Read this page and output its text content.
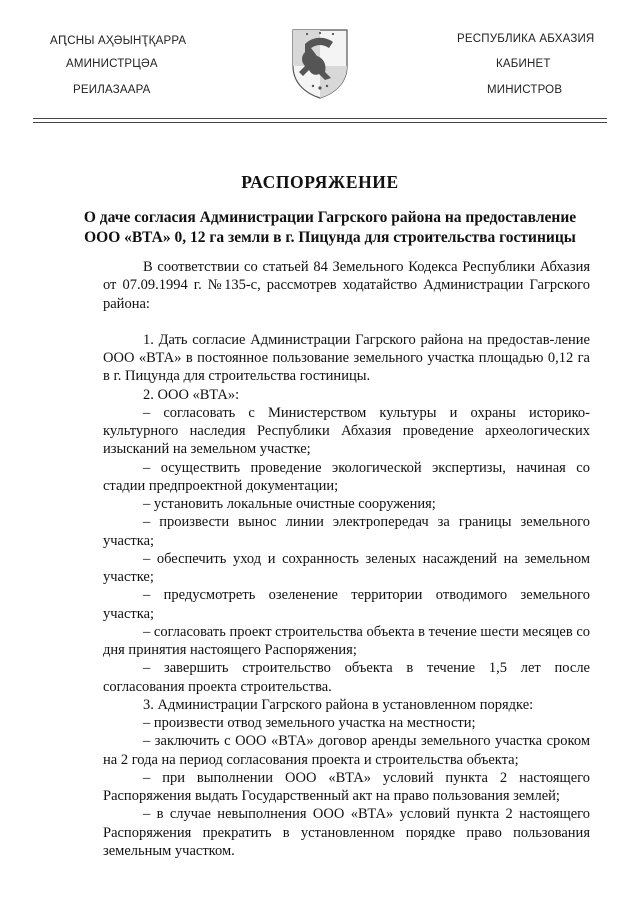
АԤСНЫ АҲӘЫНҬҚАРРА
АМИНИСТРЦӘА
РЕИЛАЗААРА
РЕСПУБЛИКА АБХАЗИЯ
КАБИНЕТ
МИНИСТРОВ
РАСПОРЯЖЕНИЕ
О даче согласия Администрации Гагрского района на предоставление
ООО «ВТА» 0, 12 га земли в г. Пицунда для строительства гостиницы

В соответствии со статьей 84 Земельного Кодекса Республики Абхазия от 07.09.1994 г. №135-с, рассмотрев ходатайство Администрации Гагрского района:

1. Дать согласие Администрации Гагрского района на предостав-ление ООО «ВТА» в постоянное пользование земельного участка площадью 0,12 га в г. Пицунда для строительства гостиницы.

2. ООО «ВТА»:

– согласовать с Министерством культуры и охраны историко-культурного наследия Республики Абхазия проведение археологических изысканий на земельном участке;

– осуществить проведение экологической экспертизы, начиная со стадии предпроектной документации;

– установить локальные очистные сооружения;

– произвести вынос линии электропередач за границы земельного участка;

– обеспечить уход и сохранность зеленых насаждений на земельном участке;

– предусмотреть озеленение территории отводимого земельного участка;

– согласовать проект строительства объекта в течение шести месяцев со дня принятия настоящего Распоряжения;

– завершить строительство объекта в течение 1,5 лет после согласования проекта строительства.

3. Администрации Гагрского района в установленном порядке:

– произвести отвод земельного участка на местности;

– заключить с ООО «ВТА» договор аренды земельного участка сроком на 2 года на период согласования проекта и строительства объекта;

– при выполнении ООО «ВТА» условий пункта 2 настоящего Распоряжения выдать Государственный акт на право пользования землей;

– в случае невыполнения ООО «ВТА» условий пункта 2 настоящего Распоряжения прекратить в установленном порядке право пользования земельным участком.
